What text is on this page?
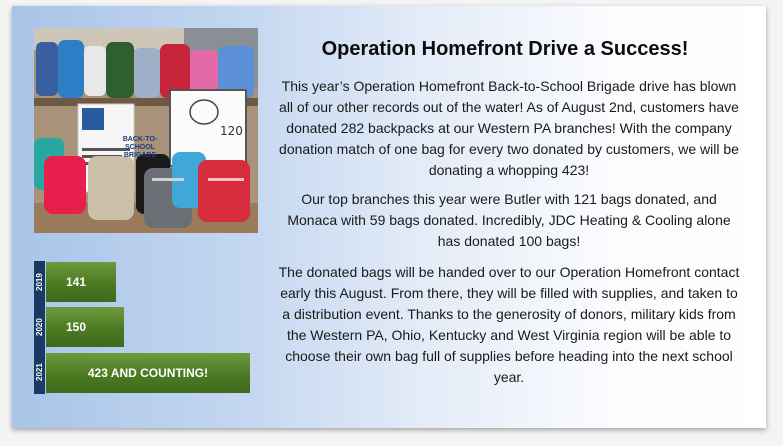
BACK-TO-SCHOOL BRIGADE
120
2019
2020
2021
141
150
423 AND COUNTING!
Operation Homefront Drive a Success!

This year’s Operation Homefront Back-to-School Brigade drive has blown all of our other records out of the water! As of August 2nd, customers have donated 282 backpacks at our Western PA branches! With the company donation match of one bag for every two donated by customers, we will be donating a whopping 423!

Our top branches this year were Butler with 121 bags donated, and Monaca with 59 bags donated. Incredibly, JDC Heating & Cooling alone has donated 100 bags!

The donated bags will be handed over to our Operation Homefront contact early this August. From there, they will be filled with supplies, and taken to a distribution event. Thanks to the generosity of donors, military kids from the Western PA, Ohio, Kentucky and West Virginia region will be able to choose their own bag full of supplies before heading into the next school year.
